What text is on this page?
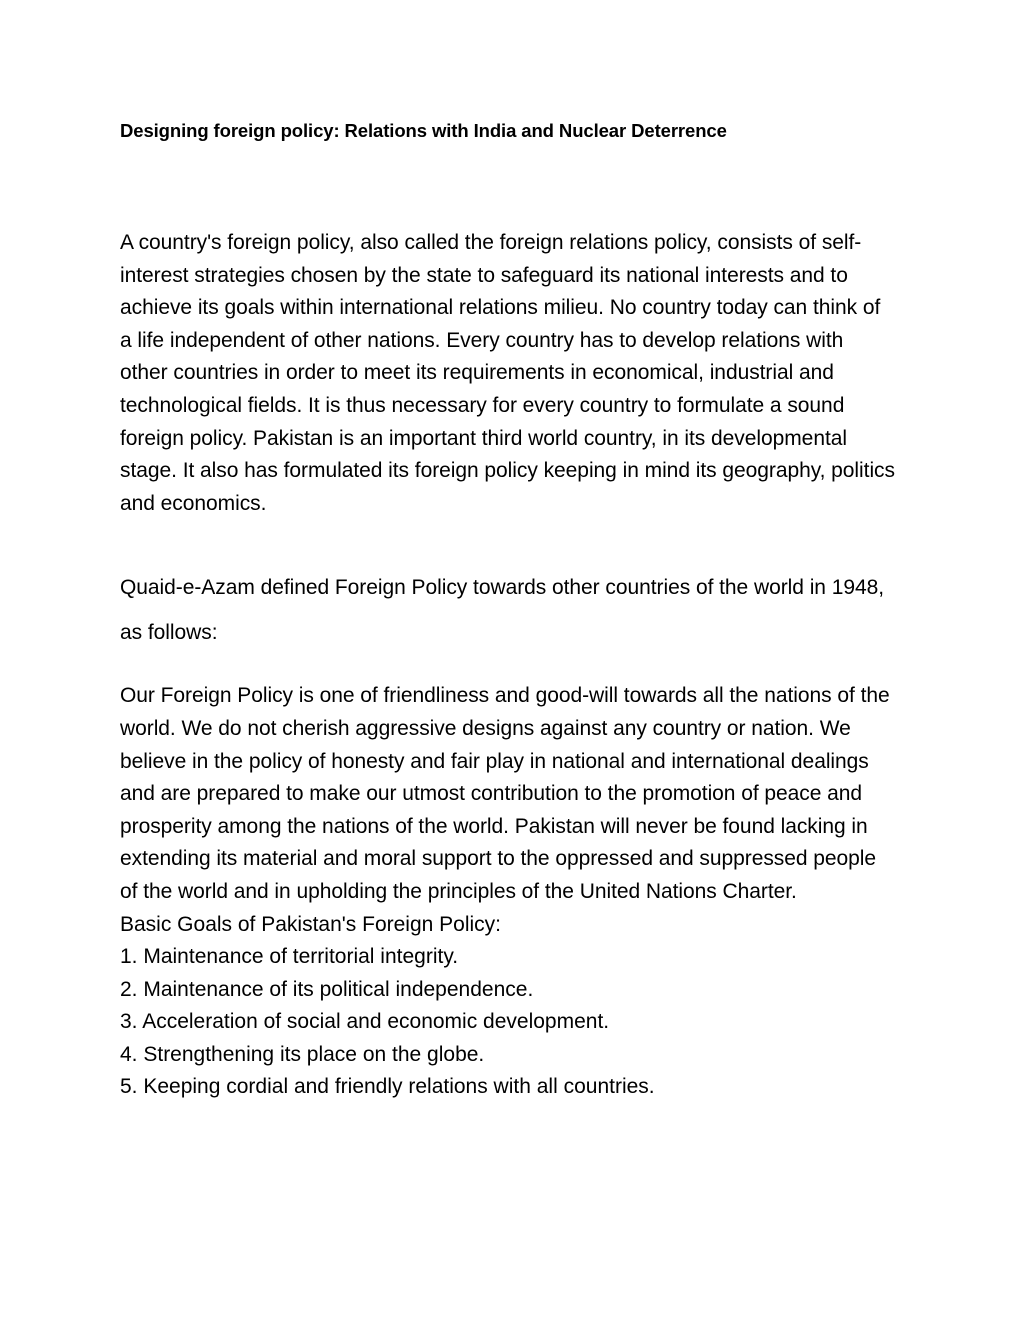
Designing foreign policy: Relations with India and Nuclear Deterrence

A country's foreign policy, also called the foreign relations policy, consists of self-interest strategies chosen by the state to safeguard its national interests and to achieve its goals within international relations milieu. No country today can think of a life independent of other nations. Every country has to develop relations with other countries in order to meet its requirements in economical, industrial and technological fields. It is thus necessary for every country to formulate a sound foreign policy. Pakistan is an important third world country, in its developmental stage. It also has formulated its foreign policy keeping in mind its geography, politics and economics.

Quaid-e-Azam defined Foreign Policy towards other countries of the world in 1948, as follows:

Our Foreign Policy is one of friendliness and good-will towards all the nations of the world. We do not cherish aggressive designs against any country or nation. We believe in the policy of honesty and fair play in national and international dealings and are prepared to make our utmost contribution to the promotion of peace and prosperity among the nations of the world. Pakistan will never be found lacking in extending its material and moral support to the oppressed and suppressed people of the world and in upholding the principles of the United Nations Charter.

Basic Goals of Pakistan's Foreign Policy:
1. Maintenance of territorial integrity.
2. Maintenance of its political independence.
3. Acceleration of social and economic development.
4. Strengthening its place on the globe.
5. Keeping cordial and friendly relations with all countries.
